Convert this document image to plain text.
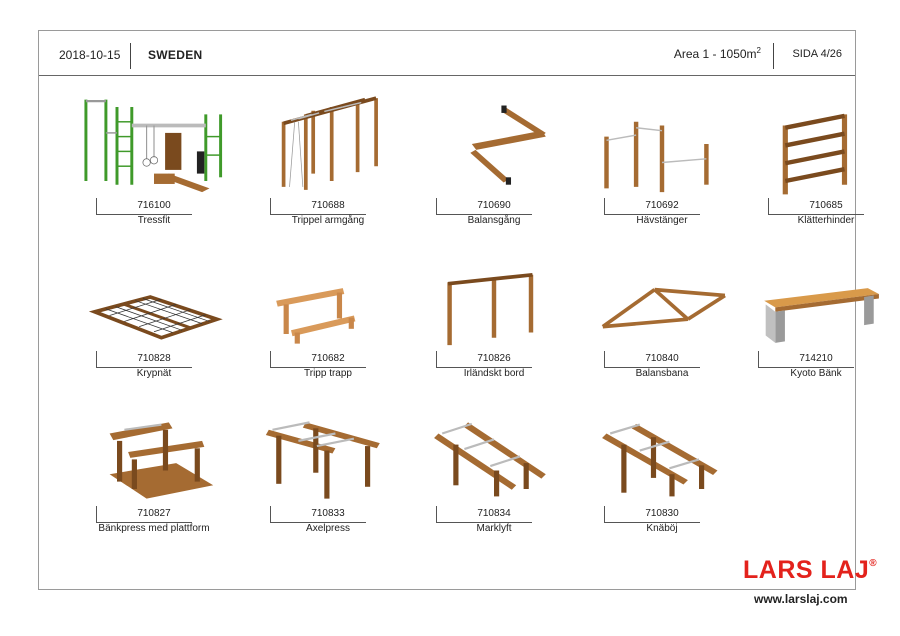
2018-10-15 SWEDEN	Area $1 - 1050m^2$	SIDA 4/26
716100
Tressfit
710688
Trippel armgång
710690
Balansgång
710692
Hävstänger
710685
Klätterhinder
710828
Krypnät
710682
Tripp trapp
710826
Irländskt bord
710840
Balansbana
714210
Kyoto Bänk
710827
Bänkpress med plattform
710833
Axelpress
710834
Marklyft
710830
Knäböj
LARS LAJ®
www.larslaj.com
